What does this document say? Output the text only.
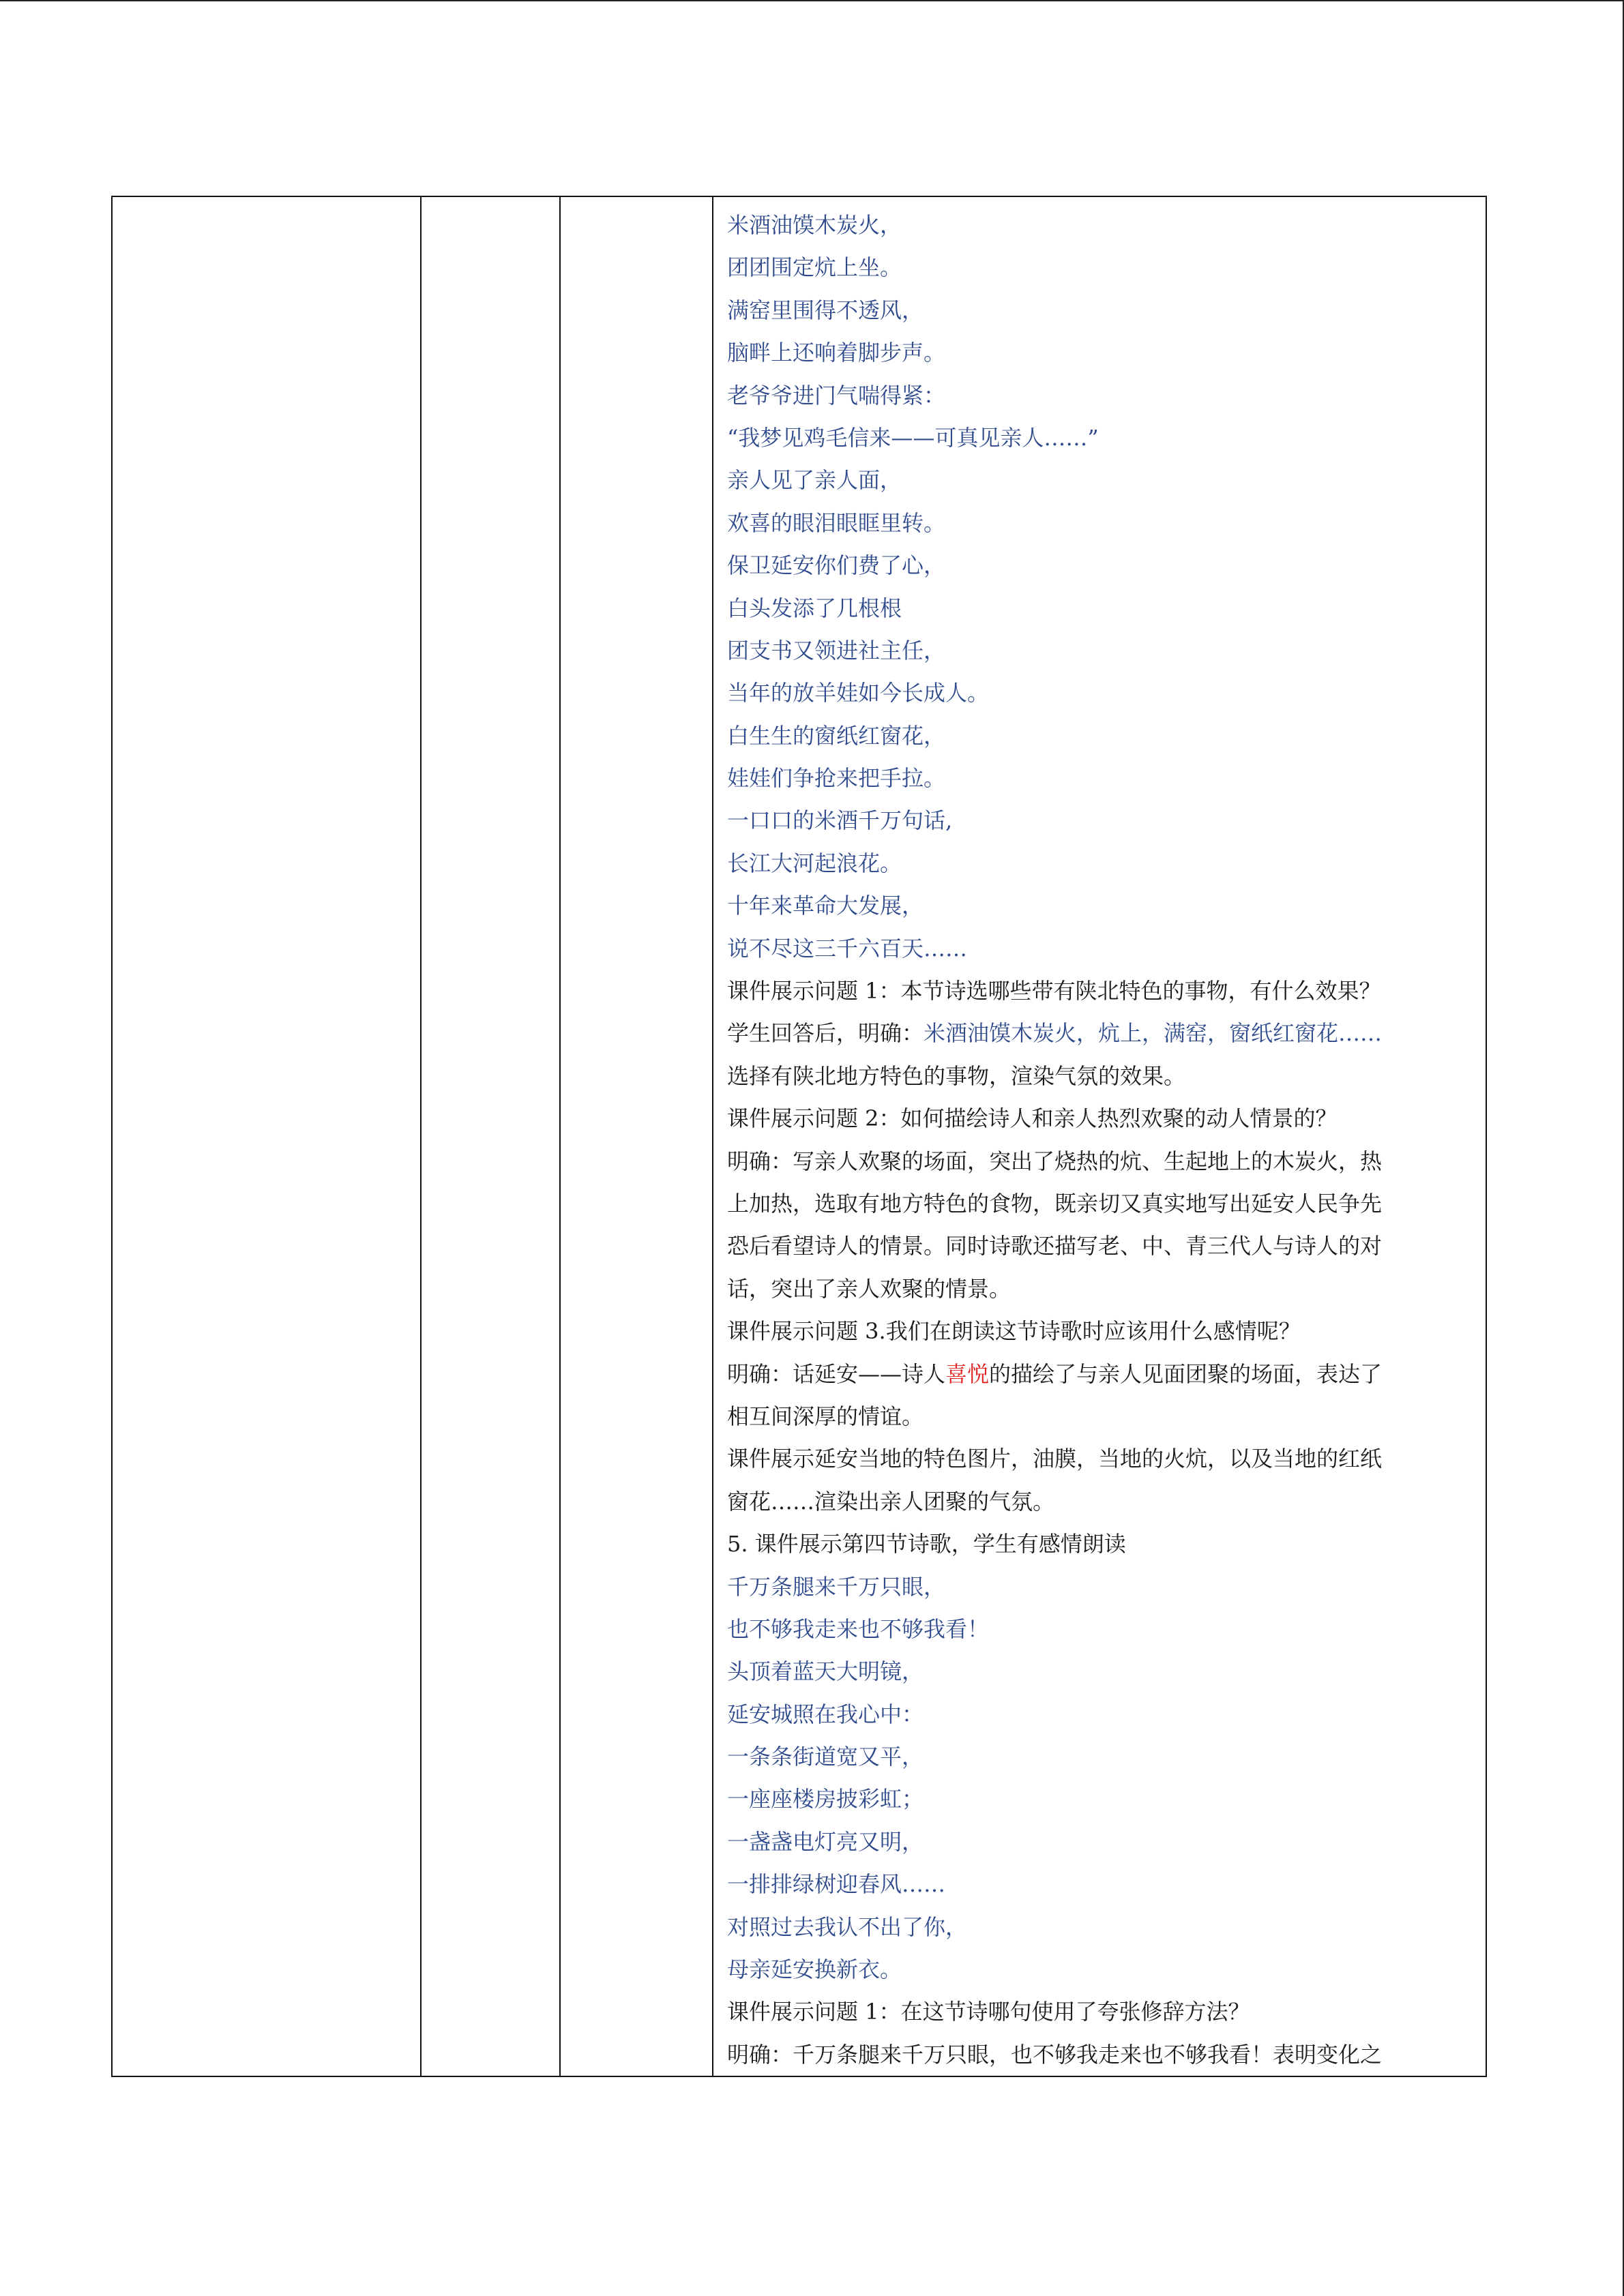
米酒油馍木炭火，
团团围定炕上坐。
满窑里围得不透风，
脑畔上还响着脚步声。
老爷爷进门气喘得紧：
“我梦见鸡毛信来——可真见亲人……”
亲人见了亲人面，
欢喜的眼泪眼眶里转。
保卫延安你们费了心，
白头发添了几根根
团支书又领进社主任，
当年的放羊娃如今长成人。
白生生的窗纸红窗花，
娃娃们争抢来把手拉。
一口口的米酒千万句话,
长江大河起浪花。
十年来革命大发展，
说不尽这三千六百天……
课件展示问题 1：本节诗选哪些带有陕北特色的事物，有什么效果？
学生回答后，明确：米酒油馍木炭火，炕上，满窑，窗纸红窗花……
选择有陕北地方特色的事物，渲染气氛的效果。
课件展示问题 2：如何描绘诗人和亲人热烈欢聚的动人情景的？
明确：写亲人欢聚的场面，突出了烧热的炕、生起地上的木炭火，热
上加热，选取有地方特色的食物，既亲切又真实地写出延安人民争先
恐后看望诗人的情景。同时诗歌还描写老、中、青三代人与诗人的对
话，突出了亲人欢聚的情景。
课件展示问题 3.我们在朗读这节诗歌时应该用什么感情呢？
明确：话延安——诗人喜悦的描绘了与亲人见面团聚的场面，表达了
相互间深厚的情谊。
课件展示延安当地的特色图片，油膜，当地的火炕，以及当地的红纸
窗花……渲染出亲人团聚的气氛。
5. 课件展示第四节诗歌，学生有感情朗读
千万条腿来千万只眼，
也不够我走来也不够我看！
头顶着蓝天大明镜，
延安城照在我心中：
一条条街道宽又平，
一座座楼房披彩虹；
一盏盏电灯亮又明，
一排排绿树迎春风……
对照过去我认不出了你，
母亲延安换新衣。
课件展示问题 1：在这节诗哪句使用了夸张修辞方法？
明确：千万条腿来千万只眼，也不够我走来也不够我看！表明变化之
